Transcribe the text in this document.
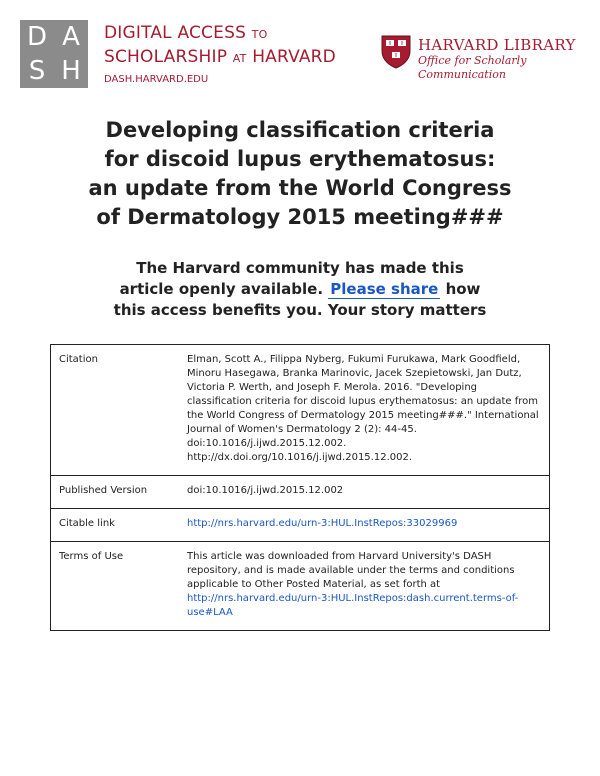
D A
S H
DIGITAL ACCESS TO
SCHOLARSHIP AT HARVARD
DASH.HARVARD.EDU
HARVARD LIBRARY
Office for Scholarly Communication
Developing classification criteria
for discoid lupus erythematosus:
an update from the World Congress
of Dermatology 2015 meeting###
The Harvard community has made this
article openly available. Please share how
this access benefits you. Your story matters
Citation	Elman, Scott A., Filippa Nyberg, Fukumi Furukawa, Mark Goodfield, Minoru Hasegawa, Branka Marinovic, Jacek Szepietowski, Jan Dutz, Victoria P. Werth, and Joseph F. Merola. 2016. "Developing classification criteria for discoid lupus erythematosus: an update from the World Congress of Dermatology 2015 meeting###." International Journal of Women's Dermatology 2 (2): 44-45. doi:10.1016/j.ijwd.2015.12.002. http://dx.doi.org/10.1016/j.ijwd.2015.12.002.
Published Version	doi:10.1016/j.ijwd.2015.12.002
Citable link	http://nrs.harvard.edu/urn-3:HUL.InstRepos:33029969
Terms of Use	This article was downloaded from Harvard University's DASH repository, and is made available under the terms and conditions applicable to Other Posted Material, as set forth at http://nrs.harvard.edu/urn-3:HUL.InstRepos:dash.current.terms-of-use#LAA
